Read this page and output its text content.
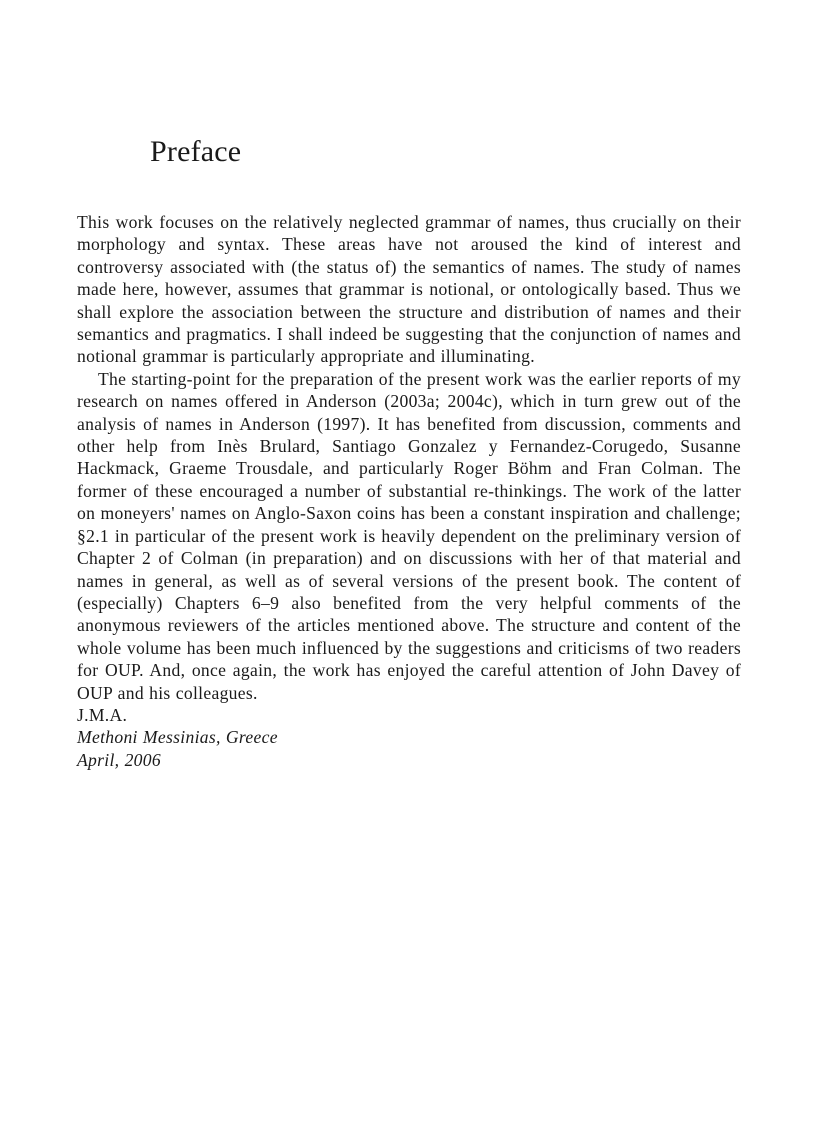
Preface

This work focuses on the relatively neglected grammar of names, thus crucially on their morphology and syntax. These areas have not aroused the kind of interest and controversy associated with (the status of) the semantics of names. The study of names made here, however, assumes that grammar is notional, or ontologically based. Thus we shall explore the association between the structure and distribution of names and their semantics and pragmatics. I shall indeed be suggesting that the conjunction of names and notional grammar is particularly appropriate and illuminating.

The starting-point for the preparation of the present work was the earlier reports of my research on names offered in Anderson (2003a; 2004c), which in turn grew out of the analysis of names in Anderson (1997). It has benefited from discussion, comments and other help from Inès Brulard, Santiago Gonzalez y Fernandez-Corugedo, Susanne Hackmack, Graeme Trousdale, and particularly Roger Böhm and Fran Colman. The former of these encouraged a number of substantial re-thinkings. The work of the latter on moneyers' names on Anglo-Saxon coins has been a constant inspiration and challenge; §2.1 in particular of the present work is heavily dependent on the preliminary version of Chapter 2 of Colman (in preparation) and on discussions with her of that material and names in general, as well as of several versions of the present book. The content of (especially) Chapters 6–9 also benefited from the very helpful comments of the anonymous reviewers of the articles mentioned above. The structure and content of the whole volume has been much influenced by the suggestions and criticisms of two readers for OUP. And, once again, the work has enjoyed the careful attention of John Davey of OUP and his colleagues.

J.M.A.

Methoni Messinias, Greece

April, 2006
